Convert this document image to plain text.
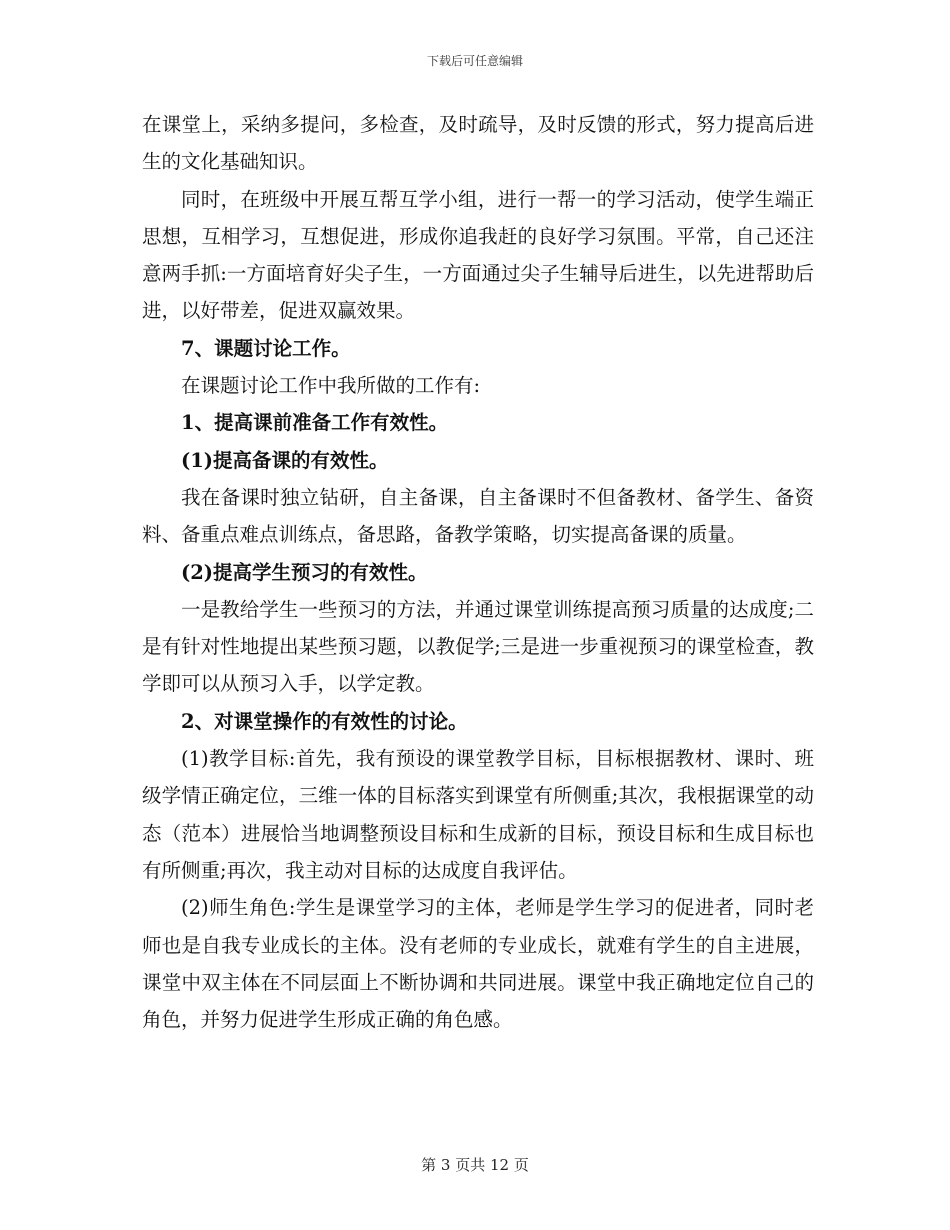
下载后可任意编辑

在课堂上，采纳多提问，多检查，及时疏导，及时反馈的形式，努力提高后进生的文化基础知识。

同时，在班级中开展互帮互学小组，进行一帮一的学习活动，使学生端正思想，互相学习，互想促进，形成你追我赶的良好学习氛围。平常，自己还注意两手抓:一方面培育好尖子生，一方面通过尖子生辅导后进生，以先进帮助后进，以好带差，促进双赢效果。

7、课题讨论工作。

在课题讨论工作中我所做的工作有:

1、提高课前准备工作有效性。

(1)提高备课的有效性。

我在备课时独立钻研，自主备课，自主备课时不但备教材、备学生、备资料、备重点难点训练点，备思路，备教学策略，切实提高备课的质量。

(2)提高学生预习的有效性。

一是教给学生一些预习的方法，并通过课堂训练提高预习质量的达成度;二是有针对性地提出某些预习题，以教促学;三是进一步重视预习的课堂检查，教学即可以从预习入手，以学定教。

2、对课堂操作的有效性的讨论。

(1)教学目标:首先，我有预设的课堂教学目标，目标根据教材、课时、班级学情正确定位，三维一体的目标落实到课堂有所侧重;其次，我根据课堂的动态（范本）进展恰当地调整预设目标和生成新的目标，预设目标和生成目标也有所侧重;再次，我主动对目标的达成度自我评估。

(2)师生角色:学生是课堂学习的主体，老师是学生学习的促进者，同时老师也是自我专业成长的主体。没有老师的专业成长，就难有学生的自主进展，课堂中双主体在不同层面上不断协调和共同进展。课堂中我正确地定位自己的角色，并努力促进学生形成正确的角色感。

第 3 页共 12 页
